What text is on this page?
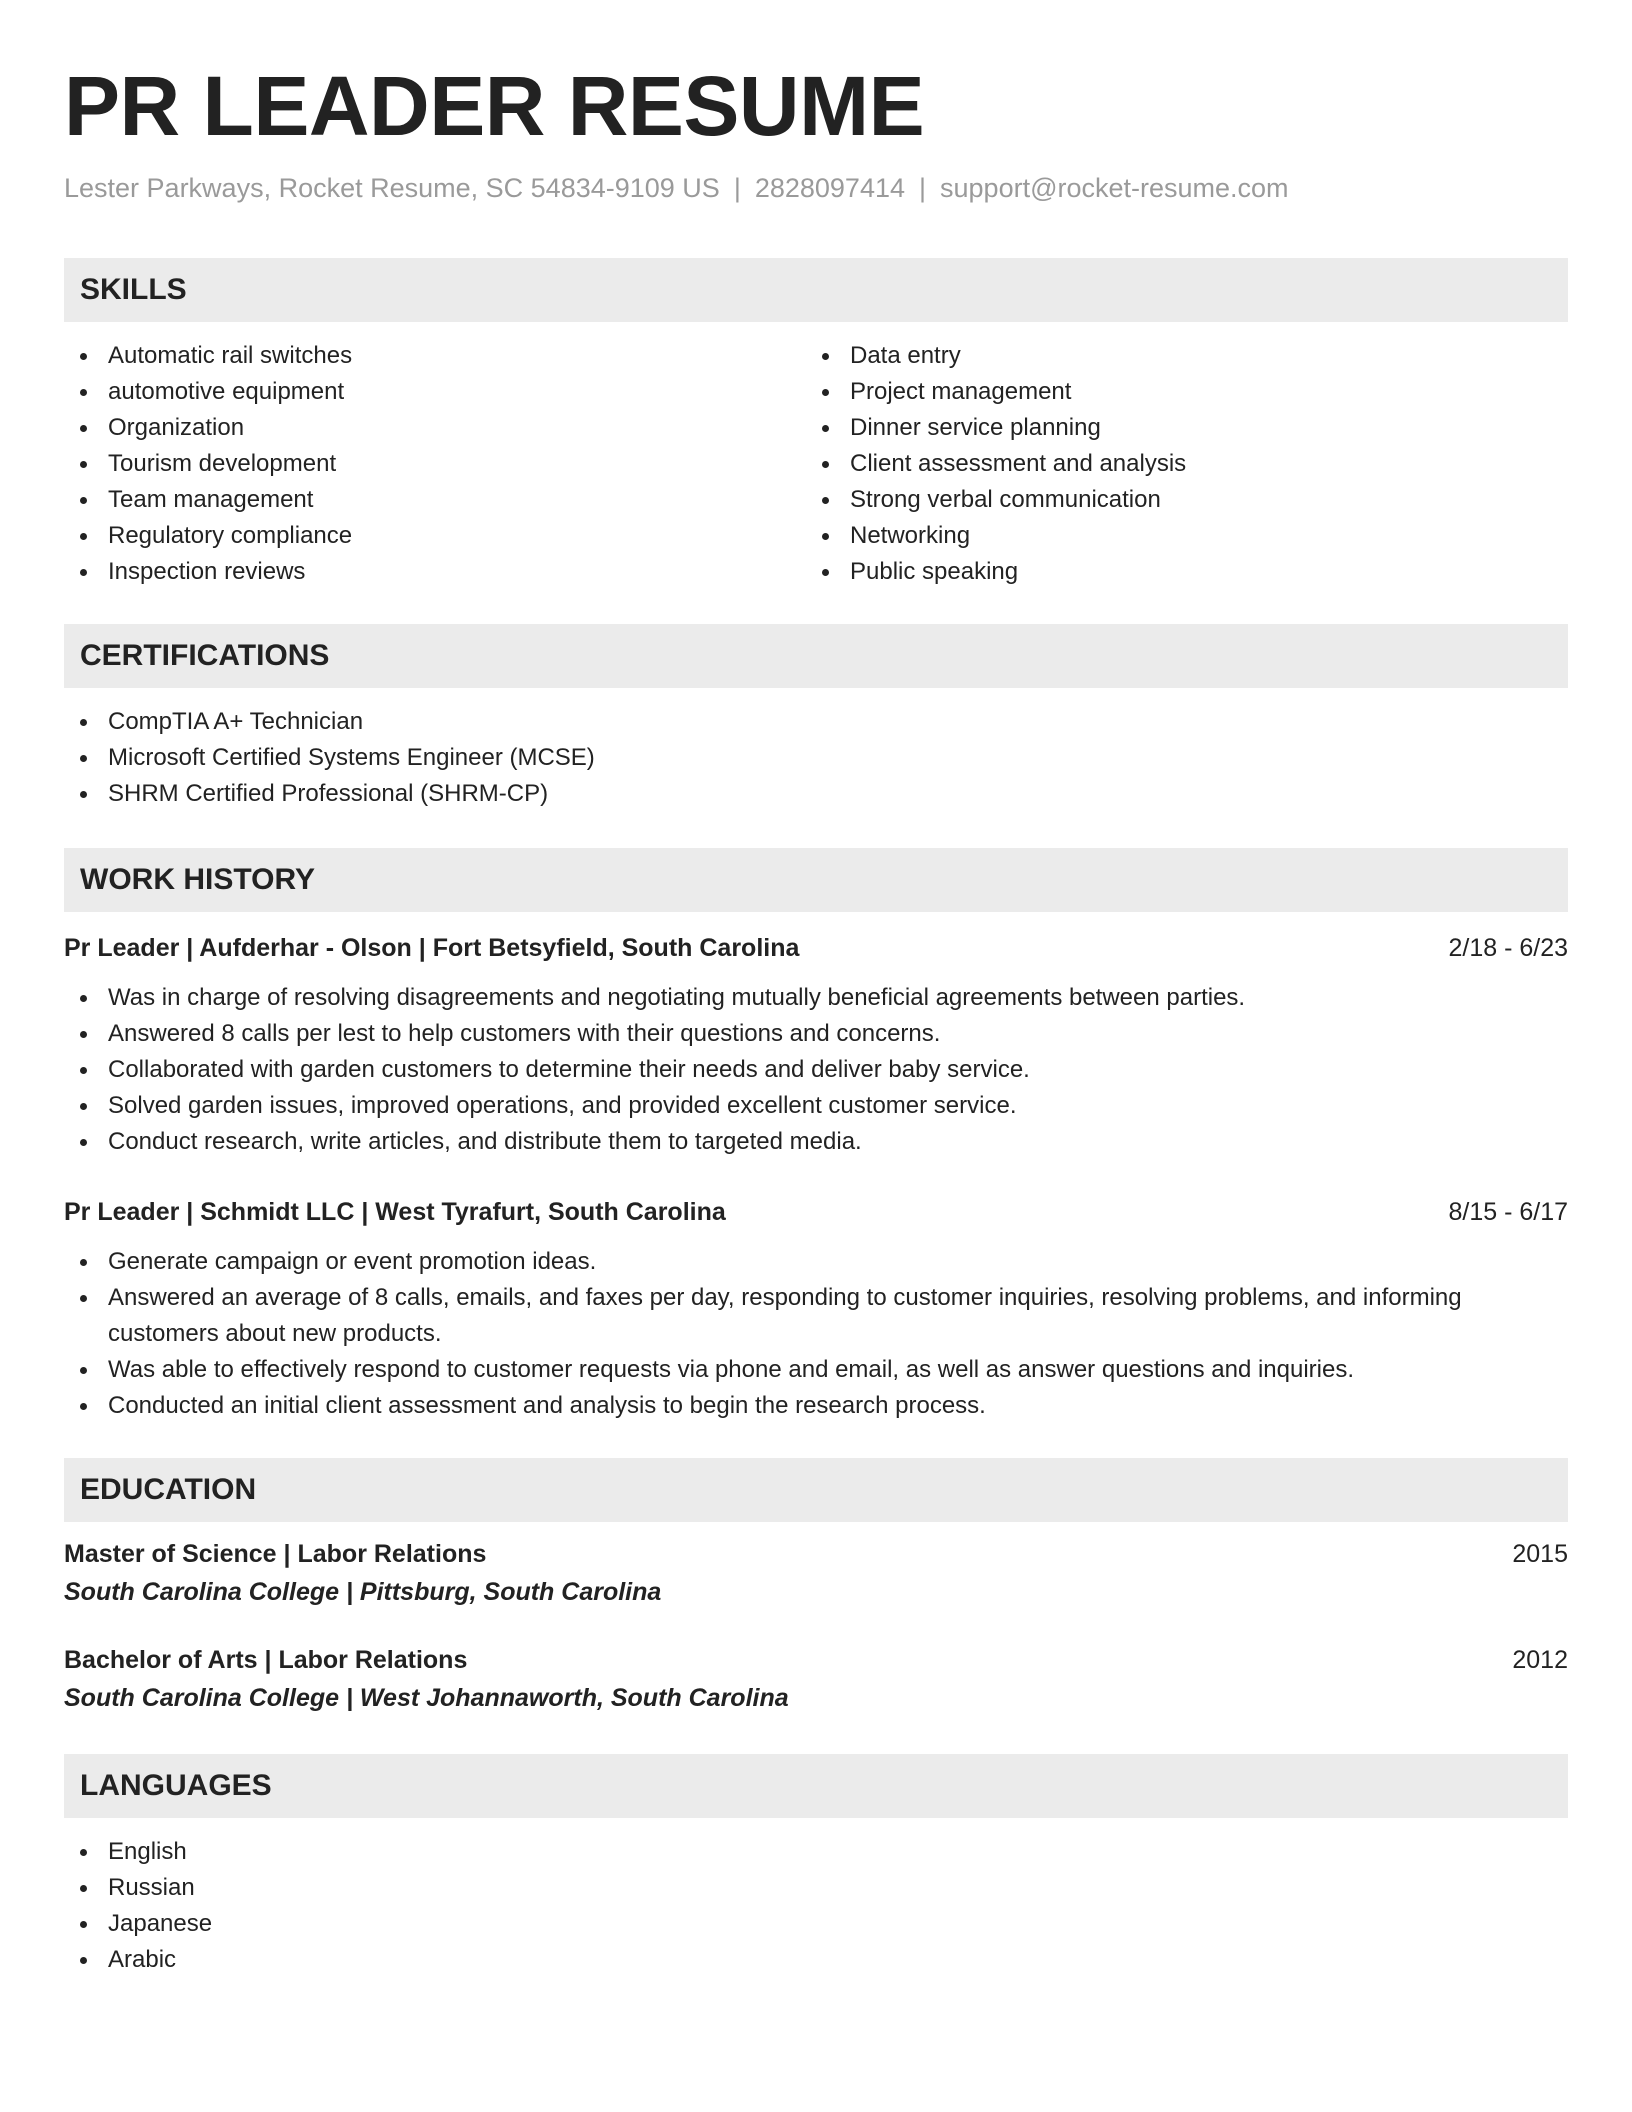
PR LEADER RESUME
Lester Parkways, Rocket Resume, SC 54834-9109 US | 2828097414 | support@rocket-resume.com
SKILLS
Automatic rail switches
automotive equipment
Organization
Tourism development
Team management
Regulatory compliance
Inspection reviews
Data entry
Project management
Dinner service planning
Client assessment and analysis
Strong verbal communication
Networking
Public speaking
CERTIFICATIONS
CompTIA A+ Technician
Microsoft Certified Systems Engineer (MCSE)
SHRM Certified Professional (SHRM-CP)
WORK HISTORY
Pr Leader | Aufderhar - Olson | Fort Betsyfield, South Carolina	2/18 - 6/23
Was in charge of resolving disagreements and negotiating mutually beneficial agreements between parties.
Answered 8 calls per lest to help customers with their questions and concerns.
Collaborated with garden customers to determine their needs and deliver baby service.
Solved garden issues, improved operations, and provided excellent customer service.
Conduct research, write articles, and distribute them to targeted media.
Pr Leader | Schmidt LLC | West Tyrafurt, South Carolina	8/15 - 6/17
Generate campaign or event promotion ideas.
Answered an average of 8 calls, emails, and faxes per day, responding to customer inquiries, resolving problems, and informing customers about new products.
Was able to effectively respond to customer requests via phone and email, as well as answer questions and inquiries.
Conducted an initial client assessment and analysis to begin the research process.
EDUCATION
Master of Science | Labor Relations	2015
South Carolina College | Pittsburg, South Carolina
Bachelor of Arts | Labor Relations	2012
South Carolina College | West Johannaworth, South Carolina
LANGUAGES
English
Russian
Japanese
Arabic
